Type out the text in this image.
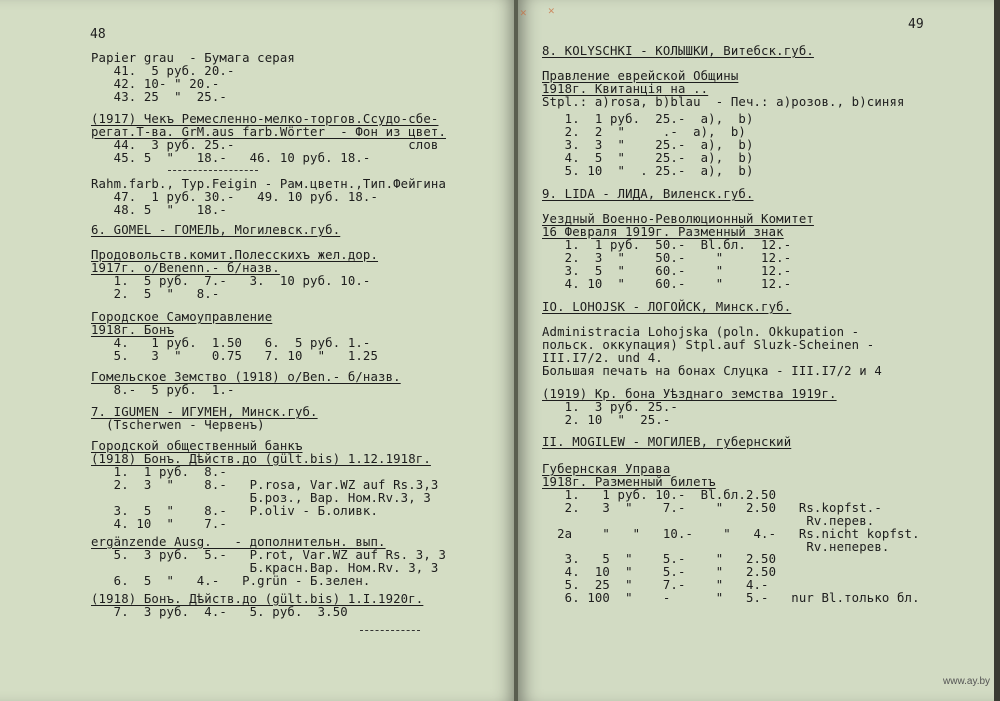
48
Papier grau  - Бумага серая
41.  5 руб. 20.-
42. 10- " 20.-
43. 25  "  25.-
(1917) Чекъ Ремесленно-мелко-торгов.Ссудо-сбе-
регат.Т-ва. GrM.aus farb.Wörter  - Фон из цвет.
44.  3 руб. 25.-                       слов
45. 5  "   18.-   46. 10 руб. 18.-
Rahm.farb., Typ.Feigin - Рам.цветн.,Тип.Фейгина
47.  1 руб. 30.-   49. 10 руб. 18.-
48. 5  "   18.-
6. GOMEL - ГОМЕЛЬ, Могилевск.губ.
Продовольств.комит.Полесскихъ жел.дор.
1917г. o/Benenn.- б/назв.
1.  5 руб.  7.-   3.  10 руб. 10.-
2.  5  "   8.-
Городское Самоуправление
1918г. Бонъ
4.   1 руб.  1.50   6.  5 руб. 1.-
5.   3  "    0.75   7. 10  "   1.25
Гомельское Земство (1918) o/Ben.- б/назв.
8.-  5 руб.  1.-
7. IGUMEN - ИГУМЕН, Минск.губ.
(Tscherwen - Червенъ)
Городской общественный банкъ
(1918) Бонъ. Дѣйств.до (gült.bis) 1.12.1918г.
1.  1 руб.  8.-
2.  3  "    8.-   P.rosa, Var.WZ auf Rs.3,3
Б.роз., Вар. Ном.Rv.3, 3
3.  5  "    8.-   P.oliv - Б.оливк.
4. 10  "    7.-
ergänzende Ausg.   - дополнительн. вып.
5.  3 руб.  5.-   P.rot, Var.WZ auf Rs. 3, 3
Б.красн.Вар. Ном.Rv. 3, 3
6.  5  "   4.-   P.grün - Б.зелен.
(1918) Бонъ. Дѣйств.до (gült.bis) 1.I.1920г.
7.  3 руб.  4.-   5. руб.  3.50
49
8. KOLYSCHKI - КОЛЫШКИ, Витебск.губ.
Правление еврейской Общины
1918г. Квитанція на ..
Stpl.: a)rosa, b)blau  - Печ.: a)розов., b)синяя
1.  1 руб.  25.-  a),  b)
2.  2  "     .-  a),  b)
3.  3  "    25.-  a),  b)
4.  5  "    25.-  a),  b)
5. 10  "  . 25.-  a),  b)
9. LIDA - ЛИДА, Виленск.губ.
Уездный Военно-Революционный Комитет
16 Февраля 1919г. Разменный знак
1.  1 руб.  50.-  Bl.бл.  12.-
2.  3  "    50.-    "     12.-
3.  5  "    60.-    "     12.-
4. 10  "    60.-    "     12.-
IO. LOHOJSK - ЛОГОЙСК, Минск.губ.
Administracia Lohojska (poln. Okkupation -
польск. оккупация) Stpl.auf Sluzk-Scheinen -
III.I7/2. und 4.
Большая печать на бонах Слуцка - III.I7/2 и 4
(1919) Кр. бона Уѣзднаго земства 1919г.
1.  3 руб. 25.-
2. 10  "  25.-
II. MOGILEW - МОГИЛЕВ, губернский
Губернская Управа
1918г. Разменный билетъ
1.   1 руб. 10.-  Bl.бл.2.50
2.   3  "    7.-    "   2.50   Rs.kopfst.-
Rv.перев.
2a    "   "   10.-    "   4.-   Rs.nicht kopfst.
Rv.неперев.
3.   5  "    5.-    "   2.50
4.  10  "    5.-    "   2.50
5.  25  "    7.-    "   4.-
6. 100  "    -      "   5.-   nur Bl.только бл.
✕ ✕
www.ay.by
